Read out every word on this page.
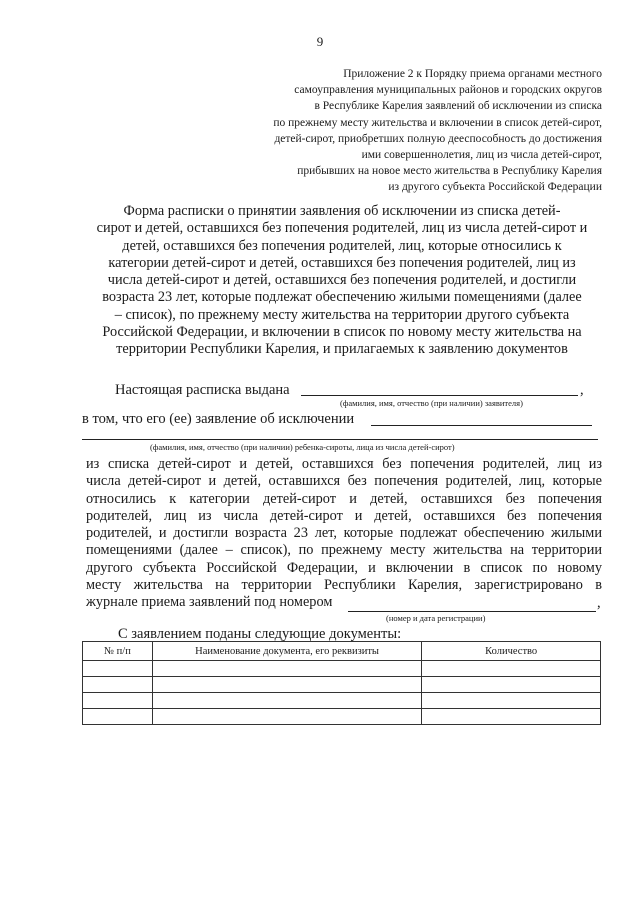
9
Приложение 2 к Порядку приема органами местного
самоуправления муниципальных районов и городских округов
в Республике Карелия заявлений об исключении из списка
по прежнему месту жительства и включении в список детей-сирот,
детей-сирот, приобретших полную дееспособность до достижения
ими совершеннолетия, лиц из числа детей-сирот,
прибывших на новое место жительства в Республику Карелия
из другого субъекта Российской Федерации
Форма расписки о принятии заявления об исключении из списка детей-
сирот и детей, оставшихся без попечения родителей, лиц из числа детей-сирот и
детей, оставшихся без попечения родителей, лиц, которые относились к
категории детей-сирот и детей, оставшихся без попечения родителей, лиц из
числа детей-сирот и детей, оставшихся без попечения родителей, и достигли
возраста 23 лет, которые подлежат обеспечению жилыми помещениями (далее
– список), по прежнему месту жительства на территории другого субъекта
Российской Федерации, и включении в список по новому месту жительства на
территории Республики Карелия, и прилагаемых к заявлению документов
Настоящая расписка выдана	,
(фамилия, имя, отчество (при наличии) заявителя)
в том, что его (ее) заявление об исключении
(фамилия, имя, отчество (при наличии) ребенка-сироты, лица из числа детей-сирот)
из списка детей-сирот и детей, оставшихся без попечения родителей, лиц из
числа детей-сирот и детей, оставшихся без попечения родителей, лиц, которые
относились к категории детей-сирот и детей, оставшихся без попечения
родителей, лиц из числа детей-сирот и детей, оставшихся без попечения
родителей, и достигли возраста 23 лет, которые подлежат обеспечению жилыми
помещениями (далее – список), по прежнему месту жительства на территории
другого субъекта Российской Федерации, и включении в список по новому
месту жительства на территории Республики Карелия, зарегистрировано в
журнале приема заявлений под номером	,
(номер и дата регистрации)
С заявлением поданы следующие документы:
№ п/п	Наименование документа, его реквизиты	Количество
